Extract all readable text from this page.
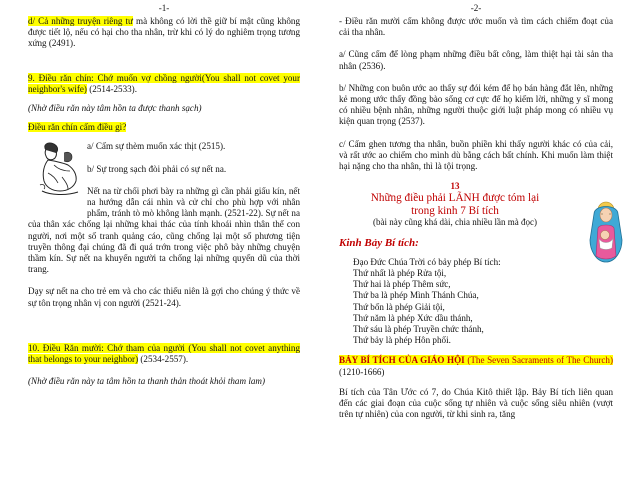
-1-

d/ Cả những truyện riêng tư mà không có lời thề giữ bí mật cũng không được tiết lộ, nếu có hại cho tha nhân, trừ khi có lý do nghiêm trọng tương xứng (2491).

9. Điều răn chín: Chớ muốn vợ chồng người(You shall not covet your neighbor's wife) (2514-2533).

(Nhờ điều răn này tâm hồn ta được thanh sạch)

Điều răn chín cấm điều gì?

a/ Cấm sự thèm muốn xác thịt (2515).

b/ Sự trong sạch đòi phải có sự nết na.

Nết na từ chối phơi bày ra những gì cần phải giấu kín, nết na hướng dẫn cái nhìn và cử chỉ cho phù hợp với nhân phẩm, tránh tò mò không lành mạnh. (2521-22). Sự nết na của thân xác chống lại những khai thác của tính khoái nhìn thân thể con người, nơi một số tranh quảng cáo, cũng chống lại một số phương tiện truyền thông đại chúng đã đi quá trớn trong việc phô bày những chuyện thầm kín. Sự nết na khuyến người ta chống lại những quyến dũ của thời trang.

Dạy sự nết na cho trẻ em và cho các thiếu niên là gợi cho chúng ý thức về sự tôn trọng nhân vị con người (2521-24).

10. Điều Răn mười: Chớ tham của người (You shall not covet anything that belongs to your neighbor) (2534-2557).

(Nhờ điều răn này ta tâm hồn ta thanh thản thoát khỏi tham lam)

-2-

- Điều răn mười cấm không được ước muốn và tìm cách chiếm đoạt của cải tha nhân.

a/ Cũng cấm để lòng phạm những điều bất công, làm thiệt hại tài sản tha nhân (2536).

b/ Những con buôn ước ao thấy sự đói kém để họ bán hàng đắt lên, những kẻ mong ước thấy đồng bào sống cơ cực để họ kiếm lời, những y sĩ mong có nhiều bệnh nhân, những người thuộc giới luật pháp mong có nhiều vụ kiện quan trọng (2537).

c/ Cấm ghen tương tha nhân, buồn phiền khi thấy người khác có của cải, và rất ước ao chiếm cho mình dù bằng cách bất chính. Khi muốn làm thiệt hại nặng cho tha nhân, thì là tội trọng.

13
Những điều phải LÃNH được tóm lại
trong kinh 7 Bí tích
(bài này cũng khá dài, chia nhiều lần mà đọc)

Kinh Bảy Bí tích:

Đạo Đức Chúa Trời có bảy phép Bí tích:
Thứ nhất là phép Rửa tội,
Thứ hai là phép Thêm sức,
Thứ ba là phép Mình Thánh Chúa,
Thứ bốn là phép Giải tội,
Thứ năm là phép Xức dầu thánh,
Thứ sáu là phép Truyền chức thánh,
Thứ bảy là phép Hôn phối.

BẢY BÍ TÍCH CỦA GIÁO HỘI (The Seven Sacraments of The Church) (1210-1666)

Bí tích của Tân Ước có 7, do Chúa Kitô thiết lập. Bảy Bí tích liên quan đến các giai đoạn của cuộc sống tự nhiên và cuộc sống siêu nhiên (vượt trên tự nhiên) của con người, từ khi sinh ra, tăng
